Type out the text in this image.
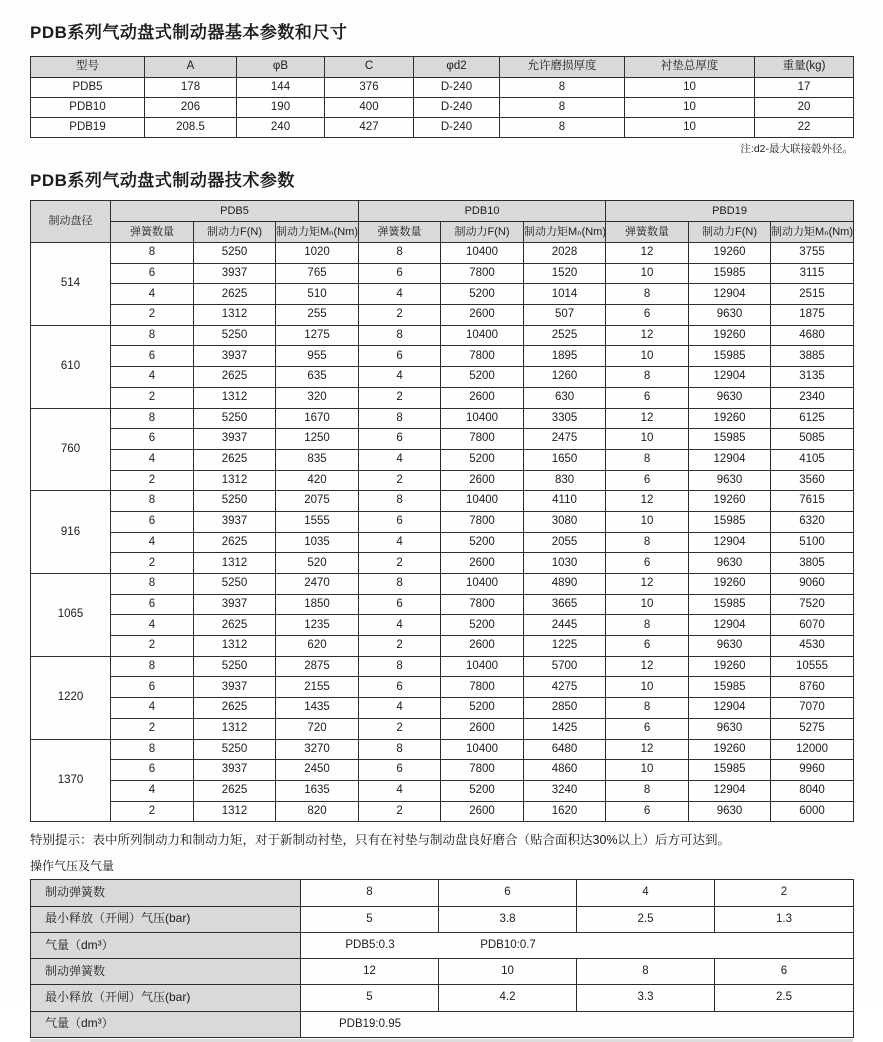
PDB系列气动盘式制动器基本参数和尺寸
型号	A	φB	C	φd2	允许磨损厚度	衬垫总厚度	重量(kg)
PDB5	178	144	376	D-240	8	10	17
PDB10	206	190	400	D-240	8	10	20
PDB19	208.5	240	427	D-240	8	10	22
注:d2-最大联接毂外径。
PDB系列气动盘式制动器技术参数
制动盘径	PDB5			PDB10			PBD19		
	弹簧数量	制动力F(N)	制动力矩Mₙ(Nm)	弹簧数量	制动力F(N)	制动力矩Mₙ(Nm)	弹簧数量	制动力F(N)	制动力矩Mₙ(Nm)
514	8	5250	1020	8	10400	2028	12	19260	3755
	6	3937	765	6	7800	1520	10	15985	3115
	4	2625	510	4	5200	1014	8	12904	2515
	2	1312	255	2	2600	507	6	9630	1875
610	8	5250	1275	8	10400	2525	12	19260	4680
	6	3937	955	6	7800	1895	10	15985	3885
	4	2625	635	4	5200	1260	8	12904	3135
	2	1312	320	2	2600	630	6	9630	2340
760	8	5250	1670	8	10400	3305	12	19260	6125
	6	3937	1250	6	7800	2475	10	15985	5085
	4	2625	835	4	5200	1650	8	12904	4105
	2	1312	420	2	2600	830	6	9630	3560
916	8	5250	2075	8	10400	4110	12	19260	7615
	6	3937	1555	6	7800	3080	10	15985	6320
	4	2625	1035	4	5200	2055	8	12904	5100
	2	1312	520	2	2600	1030	6	9630	3805
1065	8	5250	2470	8	10400	4890	12	19260	9060
	6	3937	1850	6	7800	3665	10	15985	7520
	4	2625	1235	4	5200	2445	8	12904	6070
	2	1312	620	2	2600	1225	6	9630	4530
1220	8	5250	2875	8	10400	5700	12	19260	10555
	6	3937	2155	6	7800	4275	10	15985	8760
	4	2625	1435	4	5200	2850	8	12904	7070
	2	1312	720	2	2600	1425	6	9630	5275
1370	8	5250	3270	8	10400	6480	12	19260	12000
	6	3937	2450	6	7800	4860	10	15985	9960
	4	2625	1635	4	5200	3240	8	12904	8040
	2	1312	820	2	2600	1620	6	9630	6000
特别提示：表中所列制动力和制动力矩，对于新制动衬垫，只有在衬垫与制动盘良好磨合（贴合面积达30%以上）后方可达到。
操作气压及气量
制动弹簧数	8	6	4	2
最小释放（开闸）气压(bar)	5	3.8	2.5	1.3
气量（dm³）	PDB5:0.3 PDB10:0.7			
制动弹簧数	12	10	8	6
最小释放（开闸）气压(bar)	5	4.2	3.3	2.5
气量（dm³）	PDB19:0.95			
